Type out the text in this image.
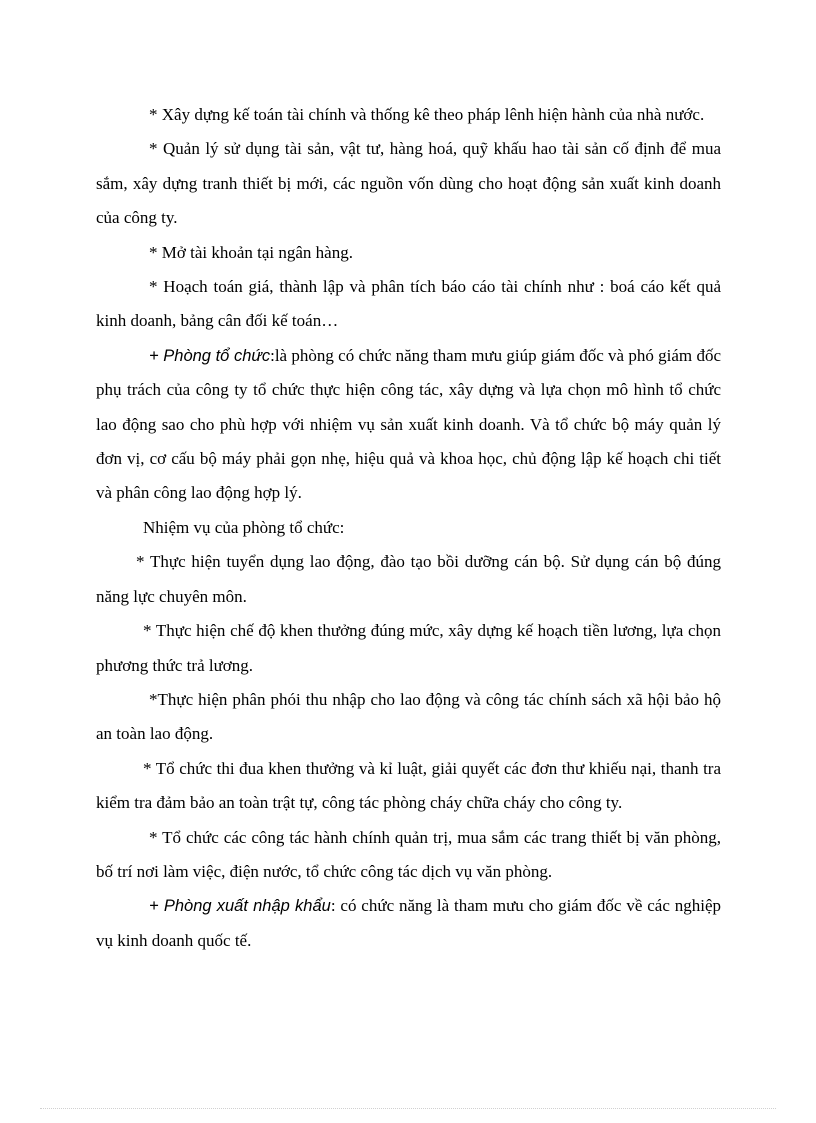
* Xây dựng kế toán tài chính và thống kê theo pháp lênh hiện hành của nhà nước.

* Quản lý sử dụng tài sản, vật tư, hàng hoá, quỹ khấu hao tài sản cố định để mua sắm, xây dựng tranh thiết bị mới, các nguồn vốn dùng cho hoạt động sản xuất kinh doanh của công ty.

* Mở tài khoản tại ngân hàng.

* Hoạch toán giá, thành lập và phân tích báo cáo tài chính như : boá cáo kết quả kinh doanh, bảng cân đối kế toán…

+ Phòng tổ chức:là phòng có chức năng tham mưu giúp giám đốc và phó giám đốc phụ trách của công ty tổ chức thực hiện công tác, xây dựng và lựa chọn mô hình tổ chức lao động sao cho phù hợp với nhiệm vụ sản xuất kinh doanh. Và tổ chức bộ máy quản lý đơn vị, cơ cấu bộ máy phải gọn nhẹ, hiệu quả và khoa học, chủ động lập kế hoạch chi tiết và phân công lao động hợp lý.

Nhiệm vụ của phòng tổ chức:

* Thực hiện tuyển dụng lao động, đào tạo bồi dưỡng cán bộ. Sử dụng cán bộ đúng năng lực chuyên môn.

* Thực hiện chế độ khen thưởng đúng mức, xây dựng kế hoạch tiền lương, lựa chọn phương thức trả lương.

*Thực hiện phân phói thu nhập cho lao động và công tác chính sách xã hội bảo hộ an toàn lao động.

* Tổ chức thi đua khen thưởng và kỉ luật, giải quyết các đơn thư khiếu nại, thanh tra kiểm tra đảm bảo an toàn trật tự, công tác phòng cháy chữa cháy cho công ty.

* Tổ chức các công tác hành chính quản trị, mua sắm các trang thiết bị văn phòng, bố trí nơi làm việc, điện nước, tổ chức công tác dịch vụ văn phòng.

+ Phòng xuất nhập khẩu: có chức năng là tham mưu cho giám đốc về các nghiệp vụ kinh doanh quốc tế.
